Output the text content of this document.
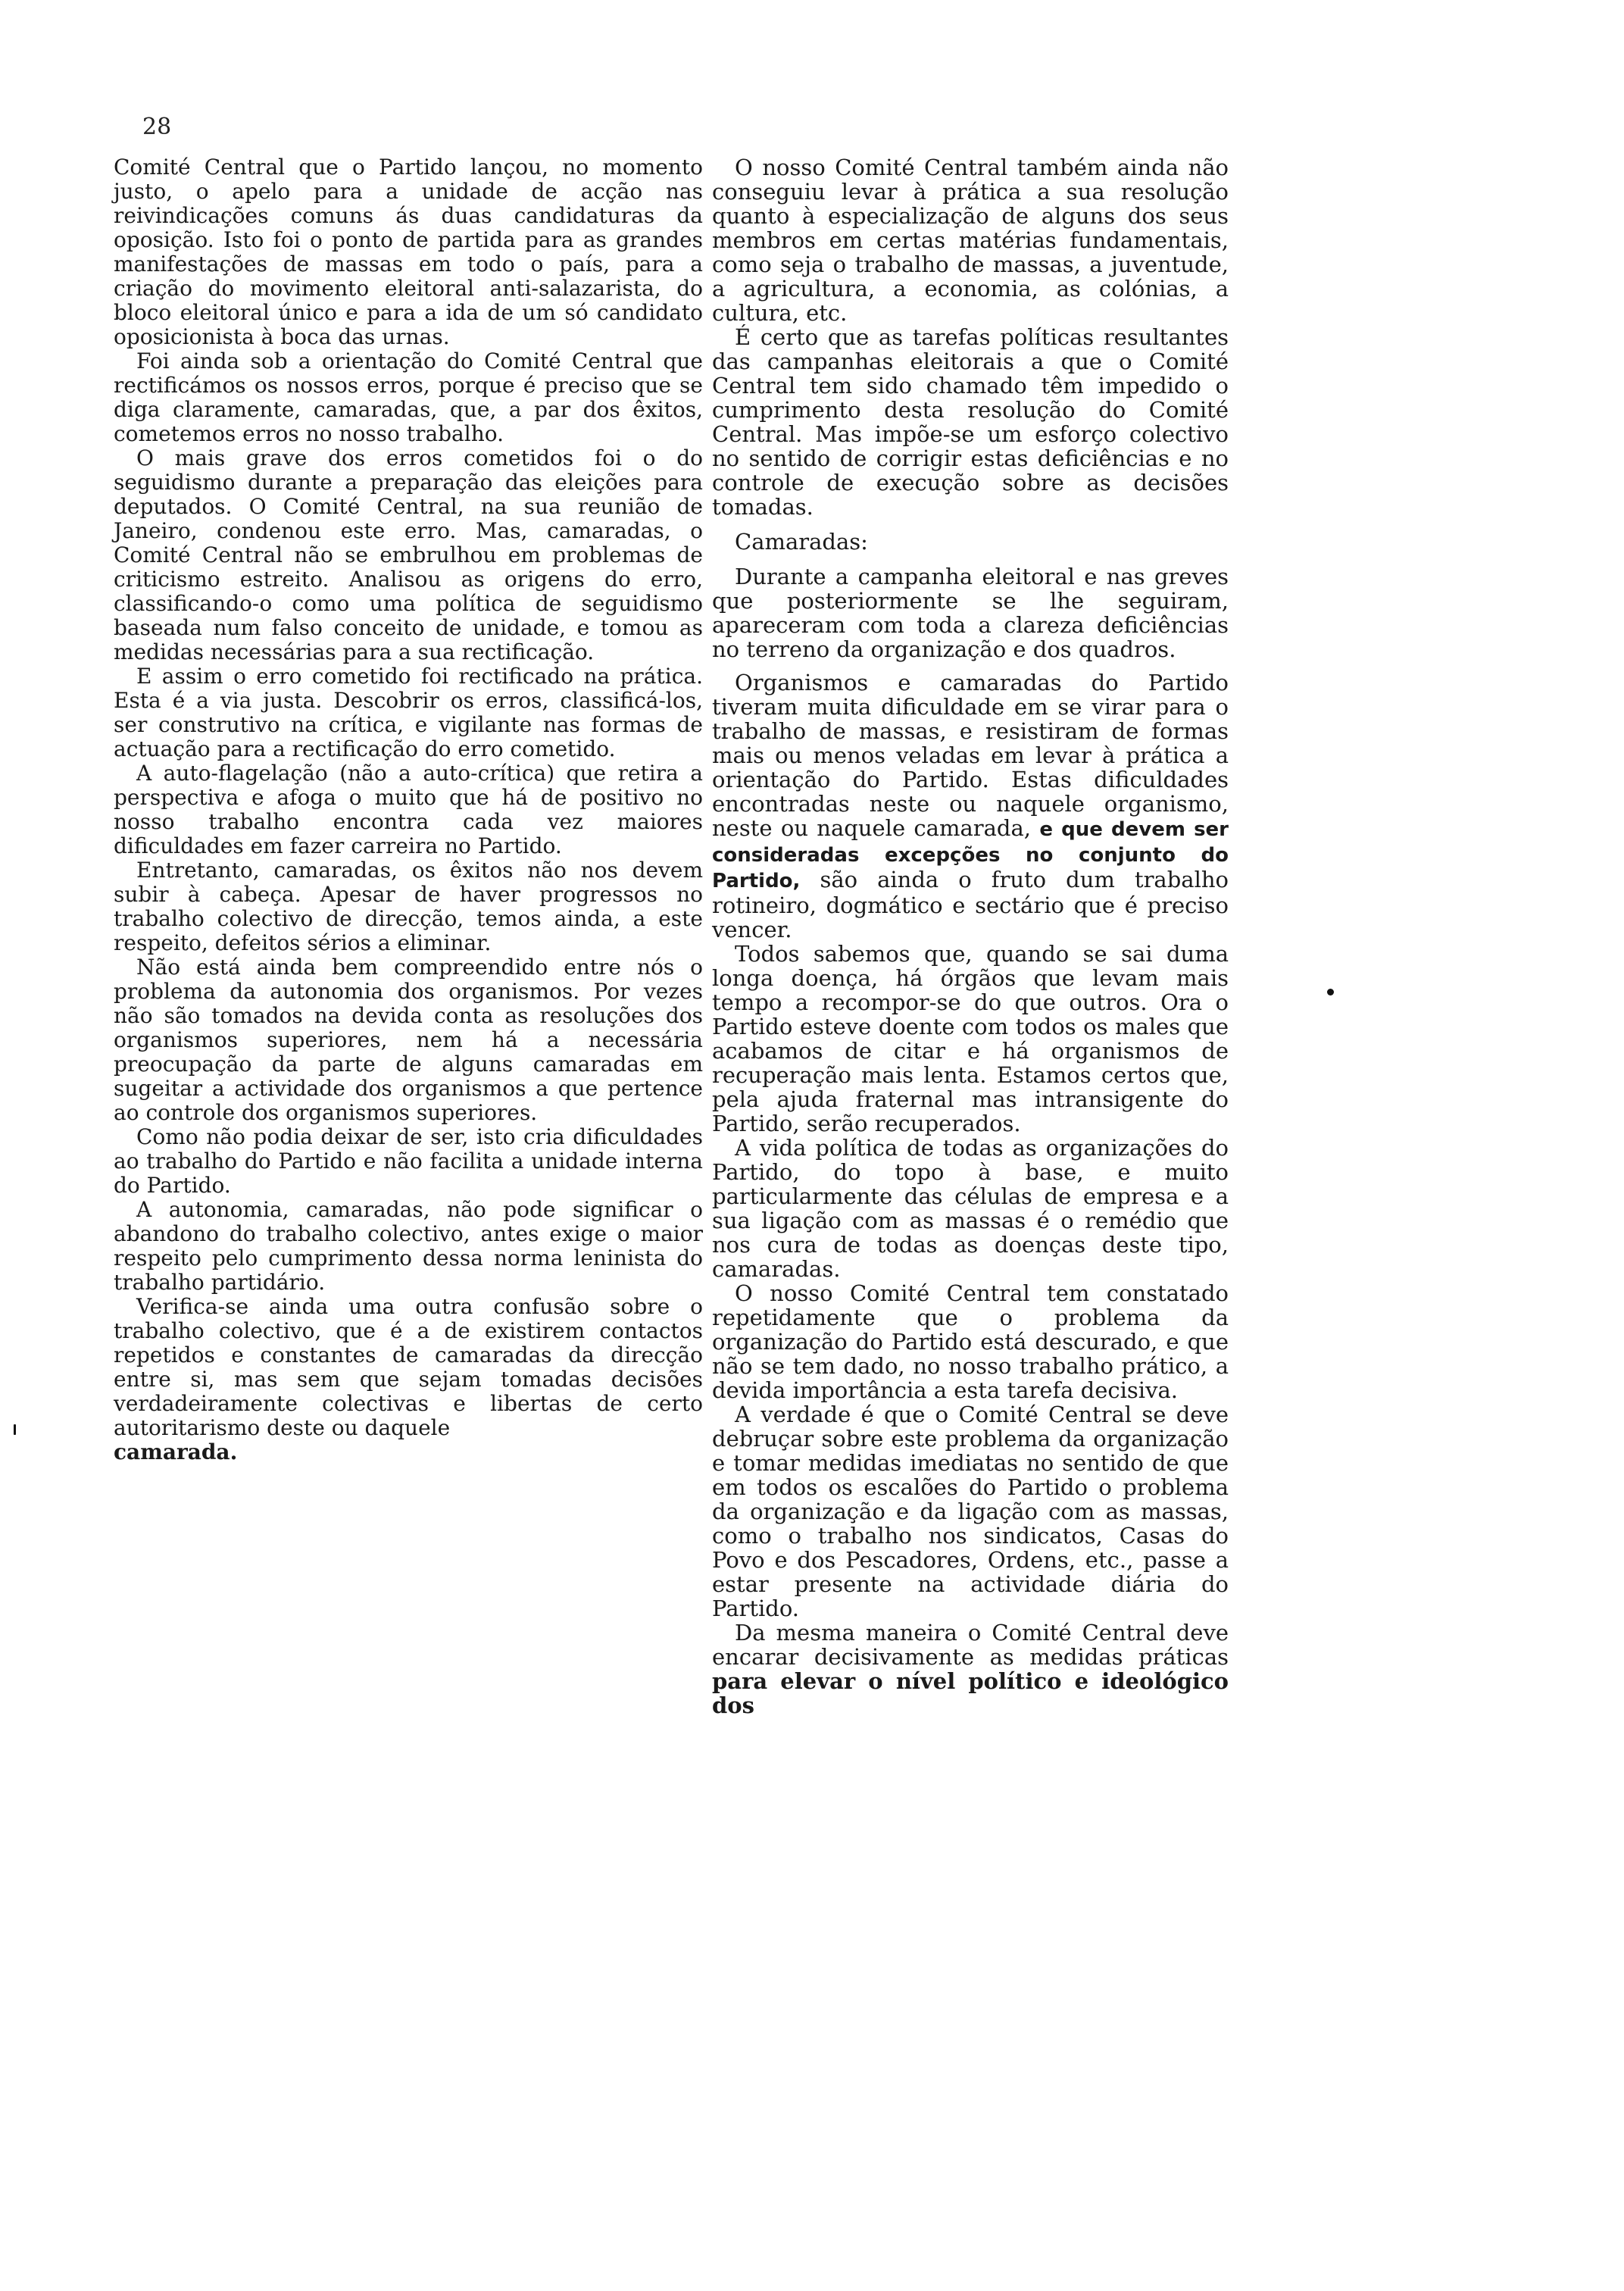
28

Comité Central que o Partido lançou, no momento justo, o apelo para a unidade de acção nas reivindicações comuns ás duas candidaturas da oposição. Isto foi o ponto de partida para as grandes manifestações de massas em todo o país, para a criação do movimento eleitoral anti-salazarista, do bloco eleitoral único e para a ida de um só candidato oposicionista à boca das urnas.

Foi ainda sob a orientação do Comité Central que rectificámos os nossos erros, porque é preciso que se diga claramente, camaradas, que, a par dos êxitos, cometemos erros no nosso trabalho.

O mais grave dos erros cometidos foi o do seguidismo durante a preparação das eleições para deputados. O Comité Central, na sua reunião de Janeiro, condenou este erro. Mas, camaradas, o Comité Central não se embrulhou em problemas de criticismo estreito. Analisou as origens do erro, classificando-o como uma política de seguidismo baseada num falso conceito de unidade, e tomou as medidas necessárias para a sua rectificação.

E assim o erro cometido foi rectificado na prática. Esta é a via justa. Descobrir os erros, classificá-los, ser construtivo na crítica, e vigilante nas formas de actuação para a rectificação do erro cometido.

A auto-flagelação (não a auto-crítica) que retira a perspectiva e afoga o muito que há de positivo no nosso trabalho encontra cada vez maiores dificuldades em fazer carreira no Partido.

Entretanto, camaradas, os êxitos não nos devem subir à cabeça. Apesar de haver progressos no trabalho colectivo de direcção, temos ainda, a este respeito, defeitos sérios a eliminar.

Não está ainda bem compreendido entre nós o problema da autonomia dos organismos. Por vezes não são tomados na devida conta as resoluções dos organismos superiores, nem há a necessária preocupação da parte de alguns camaradas em sugeitar a actividade dos organismos a que pertence ao controle dos organismos superiores.

Como não podia deixar de ser, isto cria dificuldades ao trabalho do Partido e não facilita a unidade interna do Partido.

A autonomia, camaradas, não pode significar o abandono do trabalho colectivo, antes exige o maior respeito pelo cumprimento dessa norma leninista do trabalho partidário.

Verifica-se ainda uma outra confusão sobre o trabalho colectivo, que é a de existirem contactos repetidos e constantes de camaradas da direcção entre si, mas sem que sejam tomadas decisões verdadeiramente colectivas e libertas de certo autoritarismo deste ou daquele

camarada.

O nosso Comité Central também ainda não conseguiu levar à prática a sua resolução quanto à especialização de alguns dos seus membros em certas matérias fundamentais, como seja o trabalho de massas, a juventude, a agricultura, a economia, as colónias, a cultura, etc.

É certo que as tarefas políticas resultantes das campanhas eleitorais a que o Comité Central tem sido chamado têm impedido o cumprimento desta resolução do Comité Central. Mas impõe-se um esforço colectivo no sentido de corrigir estas deficiências e no controle de execução sobre as decisões tomadas.

Camaradas:

Durante a campanha eleitoral e nas greves que posteriormente se lhe seguiram, apareceram com toda a clareza deficiências no terreno da organização e dos quadros.

Organismos e camaradas do Partido tiveram muita dificuldade em se virar para o trabalho de massas, e resistiram de formas mais ou menos veladas em levar à prática a orientação do Partido. Estas dificuldades encontradas neste ou naquele organismo, neste ou naquele camarada, e que devem ser consideradas excepções no conjunto do Partido, são ainda o fruto dum trabalho rotineiro, dogmático e sectário que é preciso vencer.

Todos sabemos que, quando se sai duma longa doença, há órgãos que levam mais tempo a recompor-se do que outros. Ora o Partido esteve doente com todos os males que acabamos de citar e há organismos de recuperação mais lenta. Estamos certos que, pela ajuda fraternal mas intransigente do Partido, serão recuperados.

A vida política de todas as organizações do Partido, do topo à base, e muito particularmente das células de empresa e a sua ligação com as massas é o remédio que nos cura de todas as doenças deste tipo, camaradas.

O nosso Comité Central tem constatado repetidamente que o problema da organização do Partido está descurado, e que não se tem dado, no nosso trabalho prático, a devida importância a esta tarefa decisiva.

A verdade é que o Comité Central se deve debruçar sobre este problema da organização e tomar medidas imediatas no sentido de que em todos os escalões do Partido o problema da organização e da ligação com as massas, como o trabalho nos sindicatos, Casas do Povo e dos Pescadores, Ordens, etc., passe a estar presente na actividade diária do Partido.

Da mesma maneira o Comité Central deve encarar decisivamente as medidas práticas para elevar o nível político e ideológico dos
